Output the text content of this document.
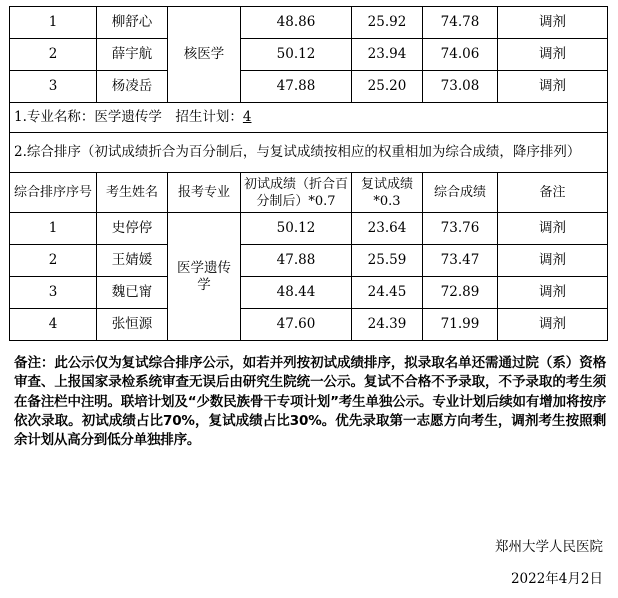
1	柳舒心	核医学	48.86	25.92	74.78	调剂
2	薛宇航		50.12	23.94	74.06	调剂
3	杨凌岳		47.88	25.20	73.08	调剂
1.专业名称：医学遗传学　招生计划：4						
2.综合排序（初试成绩折合为百分制后，与复试成绩按相应的权重相加为综合成绩，降序排列）						
综合排序序号	考生姓名	报考专业	初试成绩（折合百分制后）*0.7	复试成绩*0.3	综合成绩	备注
1	史停停	医学遗传学	50.12	23.64	73.76	调剂
2	王婧媛		47.88	25.59	73.47	调剂
3	魏已甯		48.44	24.45	72.89	调剂
4	张恒源		47.60	24.39	71.99	调剂

备注：此公示仅为复试综合排序公示，如若并列按初试成绩排序，拟录取名单还需通过院（系）资格审查、上报国家录检系统审查无误后由研究生院统一公示。复试不合格不予录取，不予录取的考生须在备注栏中注明。联培计划及“少数民族骨干专项计划”考生单独公示。专业计划后续如有增加将按序依次录取。初试成绩占比70%，复试成绩占比30%。优先录取第一志愿方向考生，调剂考生按照剩余计划从高分到低分单独排序。

郑州大学人民医院
2022年4月2日
